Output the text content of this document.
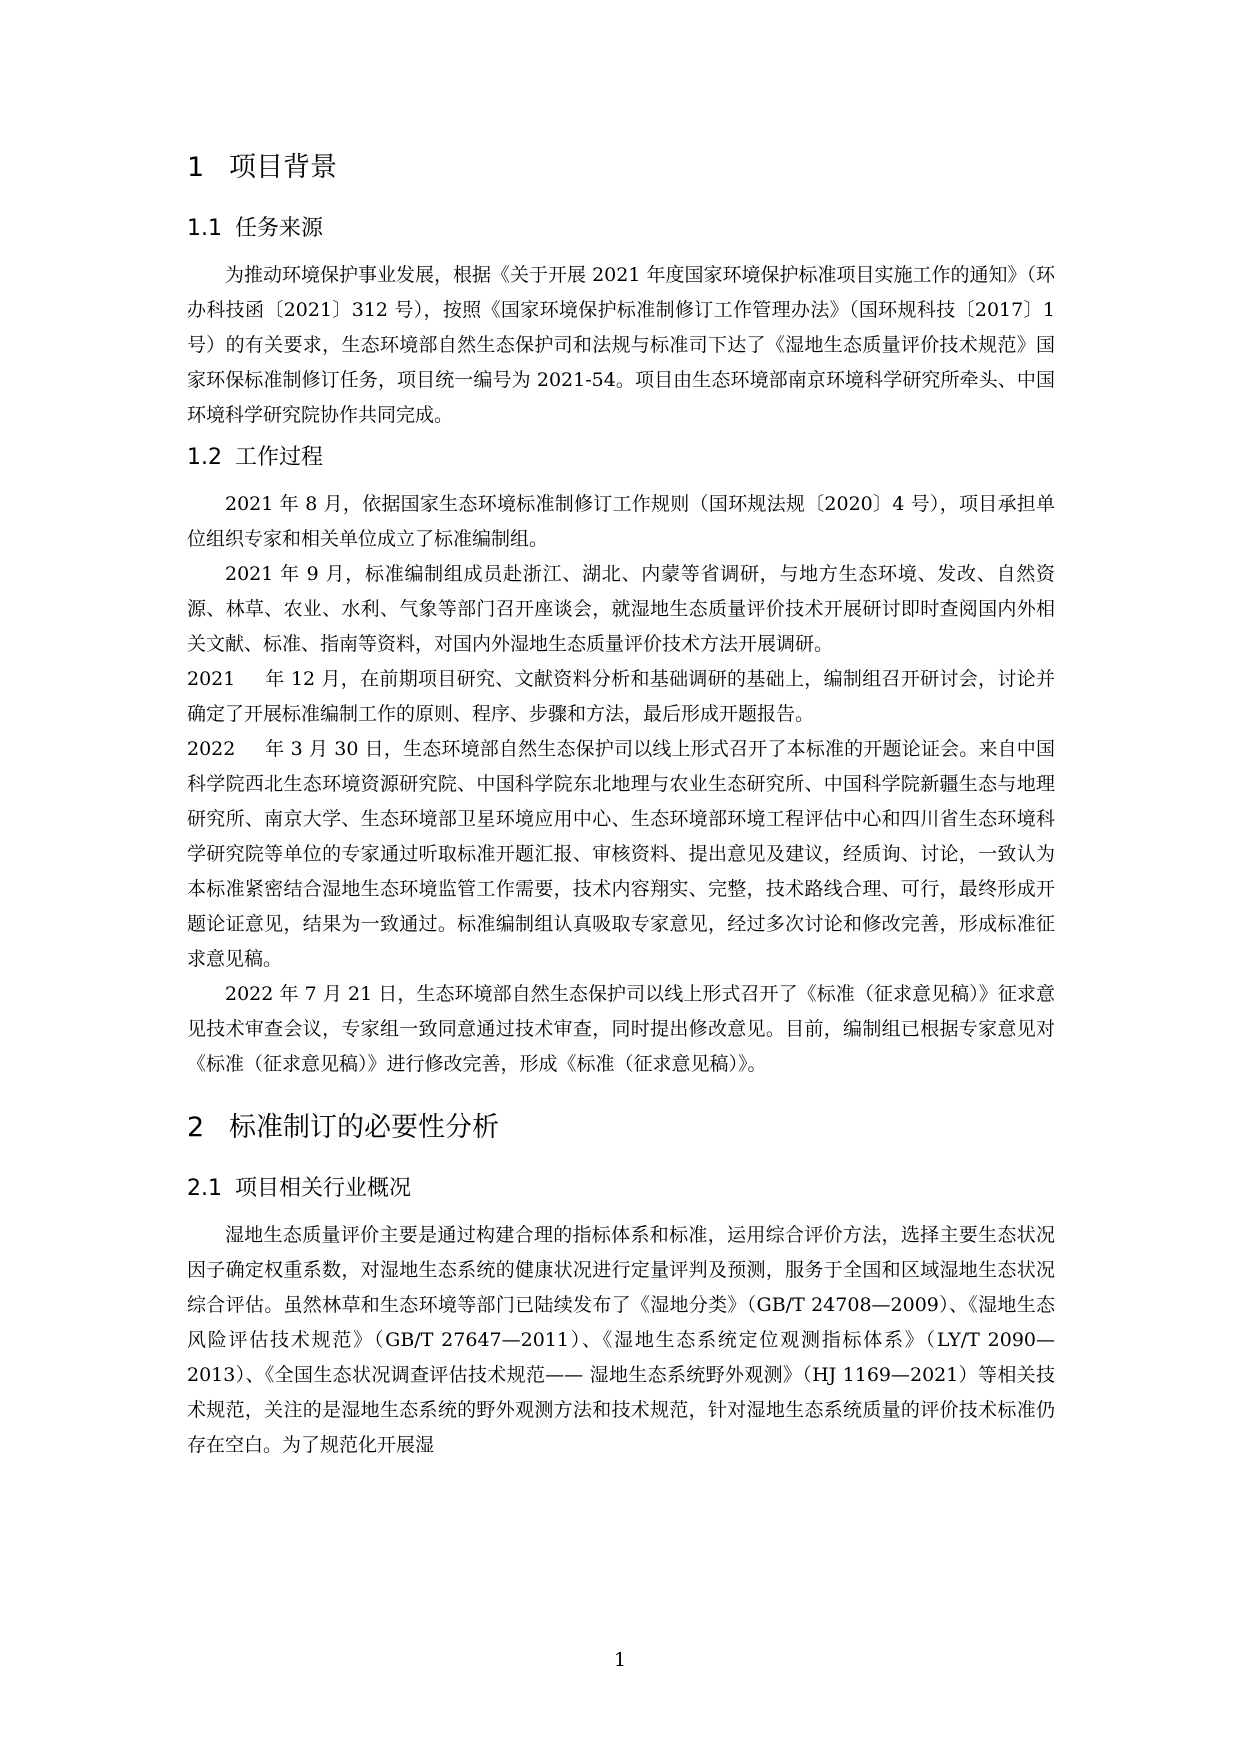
1 项目背景
1.1 任务来源

为推动环境保护事业发展，根据《关于开展 2021 年度国家环境保护标准项目实施工作的通知》（环办科技函〔2021〕312 号），按照《国家环境保护标准制修订工作管理办法》（国环规科技〔2017〕1 号）的有关要求，生态环境部自然生态保护司和法规与标准司下达了《湿地生态质量评价技术规范》国家环保标准制修订任务，项目统一编号为 2021-54。项目由生态环境部南京环境科学研究所牵头、中国环境科学研究院协作共同完成。

1.2 工作过程

2021 年 8 月，依据国家生态环境标准制修订工作规则（国环规法规〔2020〕4 号），项目承担单位组织专家和相关单位成立了标准编制组。

2021 年 9 月，标准编制组成员赴浙江、湖北、内蒙等省调研，与地方生态环境、发改、自然资源、林草、农业、水利、气象等部门召开座谈会，就湿地生态质量评价技术开展研讨即时查阅国内外相关文献、标准、指南等资料，对国内外湿地生态质量评价技术方法开展调研。

2021 年 12 月，在前期项目研究、文献资料分析和基础调研的基础上，编制组召开研讨会，讨论并确定了开展标准编制工作的原则、程序、步骤和方法，最后形成开题报告。

2022 年 3 月 30 日，生态环境部自然生态保护司以线上形式召开了本标准的开题论证会。来自中国科学院西北生态环境资源研究院、中国科学院东北地理与农业生态研究所、中国科学院新疆生态与地理研究所、南京大学、生态环境部卫星环境应用中心、生态环境部环境工程评估中心和四川省生态环境科学研究院等单位的专家通过听取标准开题汇报、审核资料、提出意见及建议，经质询、讨论，一致认为本标准紧密结合湿地生态环境监管工作需要，技术内容翔实、完整，技术路线合理、可行，最终形成开题论证意见，结果为一致通过。标准编制组认真吸取专家意见，经过多次讨论和修改完善，形成标准征求意见稿。

2022 年 7 月 21 日，生态环境部自然生态保护司以线上形式召开了《标准（征求意见稿）》征求意见技术审查会议，专家组一致同意通过技术审查，同时提出修改意见。目前，编制组已根据专家意见对《标准（征求意见稿）》进行修改完善，形成《标准（征求意见稿）》。

2 标准制订的必要性分析
2.1 项目相关行业概况

湿地生态质量评价主要是通过构建合理的指标体系和标准，运用综合评价方法，选择主要生态状况因子确定权重系数，对湿地生态系统的健康状况进行定量评判及预测，服务于全国和区域湿地生态状况综合评估。虽然林草和生态环境等部门已陆续发布了《湿地分类》（GB/T 24708—2009）、《湿地生态风险评估技术规范》（GB/T 27647—2011）、《湿地生态系统定位观测指标体系》（LY/T 2090—2013）、《全国生态状况调查评估技术规范—— 湿地生态系统野外观测》（HJ 1169—2021）等相关技术规范，关注的是湿地生态系统的野外观测方法和技术规范，针对湿地生态系统质量的评价技术标准仍存在空白。为了规范化开展湿

1
